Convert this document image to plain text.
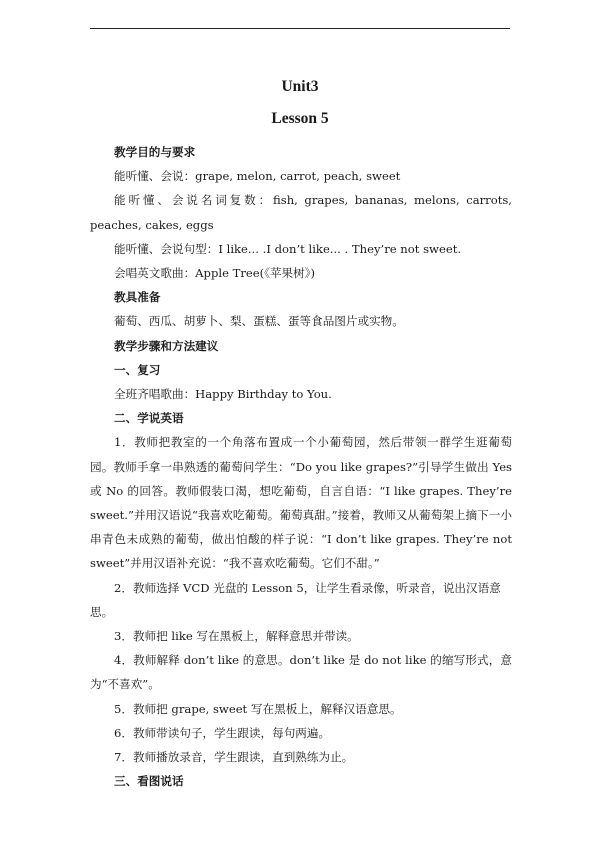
Unit3
Lesson 5

教学目的与要求

能听懂、会说：grape, melon, carrot, peach, sweet

能听懂、会说名词复数：fish, grapes, bananas, melons, carrots, peaches, cakes, eggs

能听懂、会说句型：I like... .I don’t like... . They’re not sweet.

会唱英文歌曲：Apple Tree(《苹果树》)

教具准备

葡萄、西瓜、胡萝卜、梨、蛋糕、蛋等食品图片或实物。

教学步骤和方法建议

一、复习

全班齐唱歌曲：Happy Birthday to You.

二、学说英语

1．教师把教室的一个角落布置成一个小葡萄园，然后带领一群学生逛葡萄园。教师手拿一串熟透的葡萄问学生：“Do you like grapes?”引导学生做出 Yes 或 No 的回答。教师假装口渴，想吃葡萄，自言自语：“I like grapes. They’re sweet.”并用汉语说“我喜欢吃葡萄。葡萄真甜。”接着，教师又从葡萄架上摘下一小串青色未成熟的葡萄，做出怕酸的样子说：“I don’t like grapes. They’re not sweet”并用汉语补充说：“我不喜欢吃葡萄。它们不甜。”

2．教师选择 VCD 光盘的 Lesson 5，让学生看录像，听录音，说出汉语意思。

3．教师把 like 写在黑板上，解释意思并带读。

4．教师解释 don’t like 的意思。don’t like 是 do not like 的缩写形式，意为“不喜欢”。

5．教师把 grape, sweet 写在黑板上，解释汉语意思。

6．教师带读句子，学生跟读，每句两遍。

7．教师播放录音，学生跟读，直到熟练为止。

三、看图说话
